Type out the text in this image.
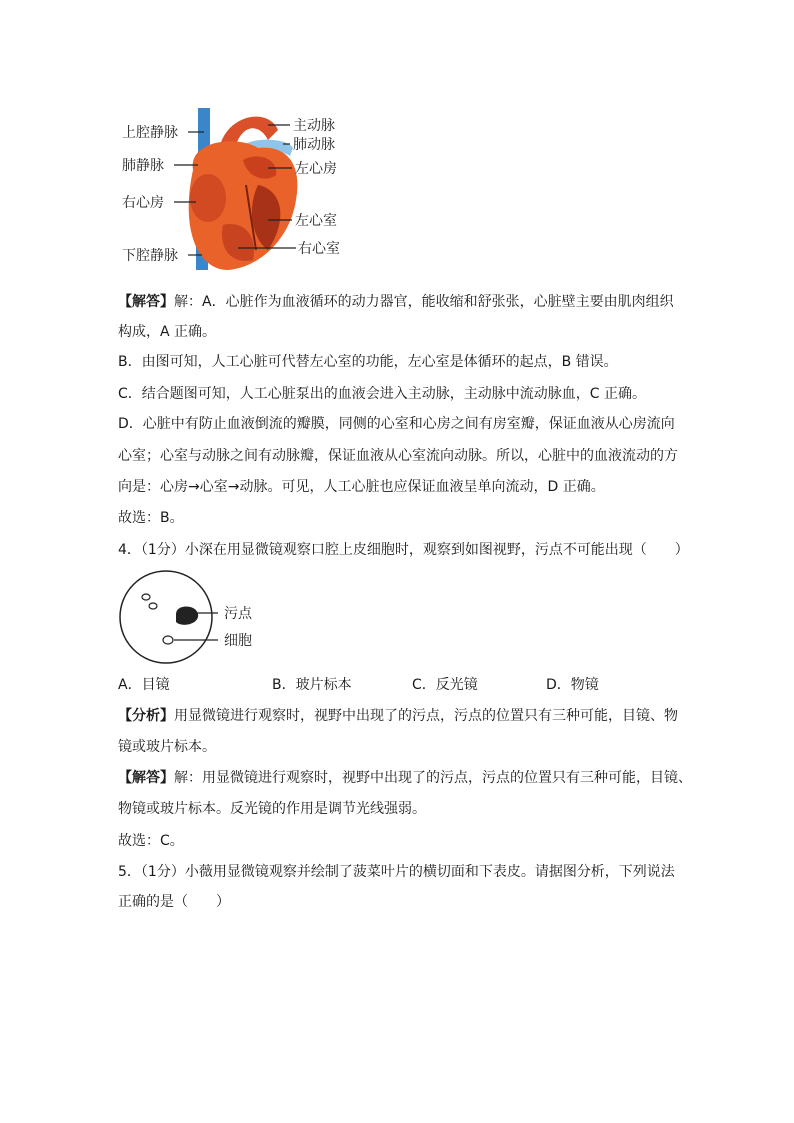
上腔静脉
肺静脉
右心房
下腔静脉
主动脉
肺动脉
左心房
左心室
右心室
【解答】解：A．心脏作为血液循环的动力器官，能收缩和舒张张，心脏壁主要由肌肉组织
构成，A 正确。
B．由图可知，人工心脏可代替左心室的功能，左心室是体循环的起点，B 错误。
C．结合题图可知，人工心脏泵出的血液会进入主动脉，主动脉中流动脉血，C 正确。
D．心脏中有防止血液倒流的瓣膜，同侧的心室和心房之间有房室瓣，保证血液从心房流向
心室；心室与动脉之间有动脉瓣，保证血液从心室流向动脉。所以，心脏中的血液流动的方
向是：心房→心室→动脉。可见，人工心脏也应保证血液呈单向流动，D 正确。
故选：B。
4．（1分）小深在用显微镜观察口腔上皮细胞时，观察到如图视野，污点不可能出现（　　）
污点
细胞
A．目镜	B．玻片标本	C．反光镜	D．物镜
【分析】用显微镜进行观察时，视野中出现了的污点，污点的位置只有三种可能，目镜、物
镜或玻片标本。
【解答】解：用显微镜进行观察时，视野中出现了的污点，污点的位置只有三种可能，目镜、
物镜或玻片标本。反光镜的作用是调节光线强弱。
故选：C。
5．（1分）小薇用显微镜观察并绘制了菠菜叶片的横切面和下表皮。请据图分析，下列说法
正确的是（　　）
